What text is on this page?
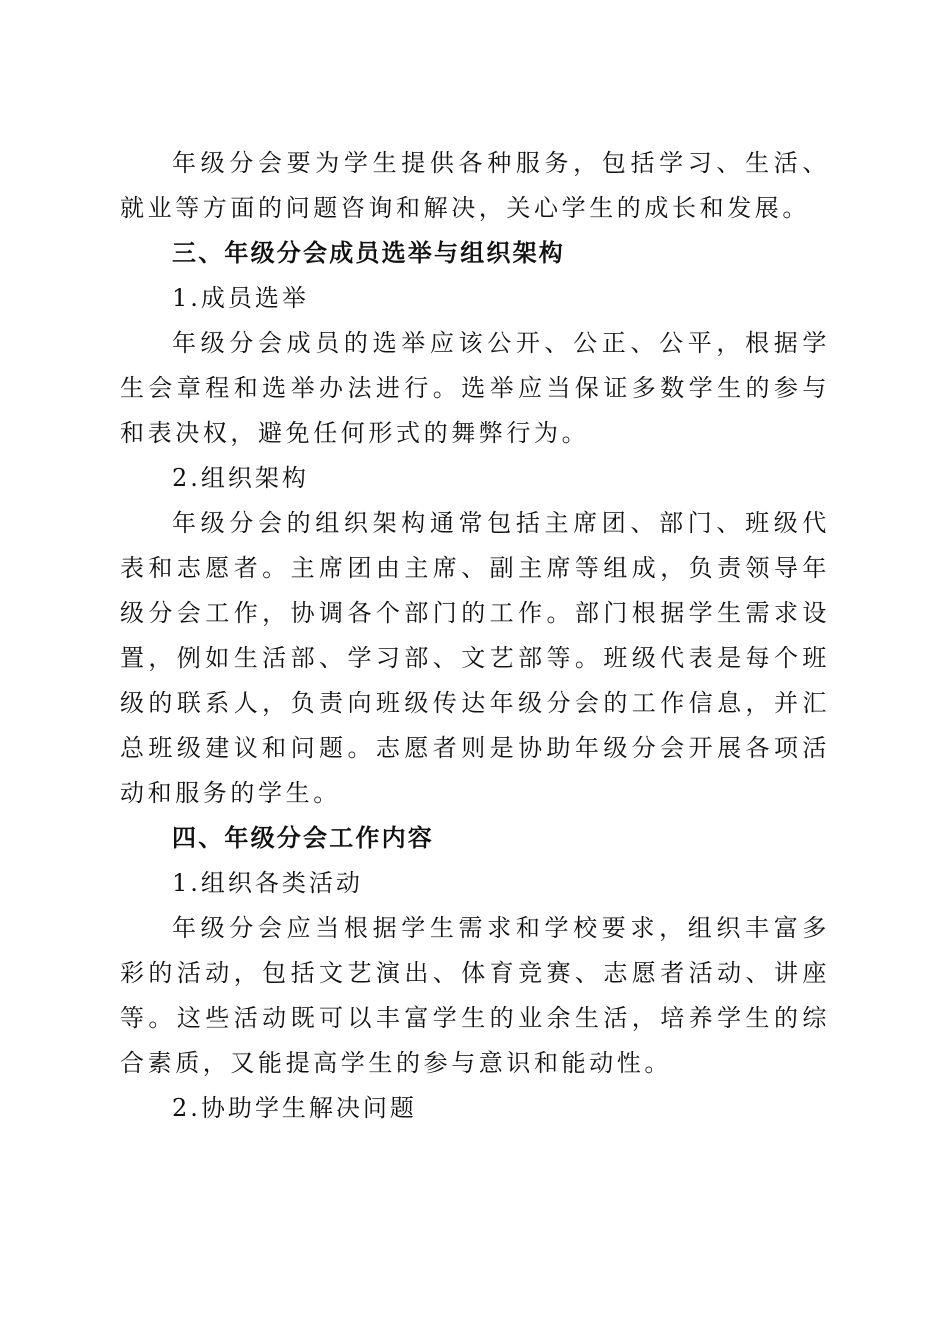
年级分会要为学生提供各种服务，包括学习、生活、就业等方面的问题咨询和解决，关心学生的成长和发展。

三、年级分会成员选举与组织架构

1.成员选举

年级分会成员的选举应该公开、公正、公平，根据学生会章程和选举办法进行。选举应当保证多数学生的参与和表决权，避免任何形式的舞弊行为。

2.组织架构

年级分会的组织架构通常包括主席团、部门、班级代表和志愿者。主席团由主席、副主席等组成，负责领导年级分会工作，协调各个部门的工作。部门根据学生需求设置，例如生活部、学习部、文艺部等。班级代表是每个班级的联系人，负责向班级传达年级分会的工作信息，并汇总班级建议和问题。志愿者则是协助年级分会开展各项活动和服务的学生。

四、年级分会工作内容

1.组织各类活动

年级分会应当根据学生需求和学校要求，组织丰富多彩的活动，包括文艺演出、体育竞赛、志愿者活动、讲座等。这些活动既可以丰富学生的业余生活，培养学生的综合素质，又能提高学生的参与意识和能动性。

2.协助学生解决问题
